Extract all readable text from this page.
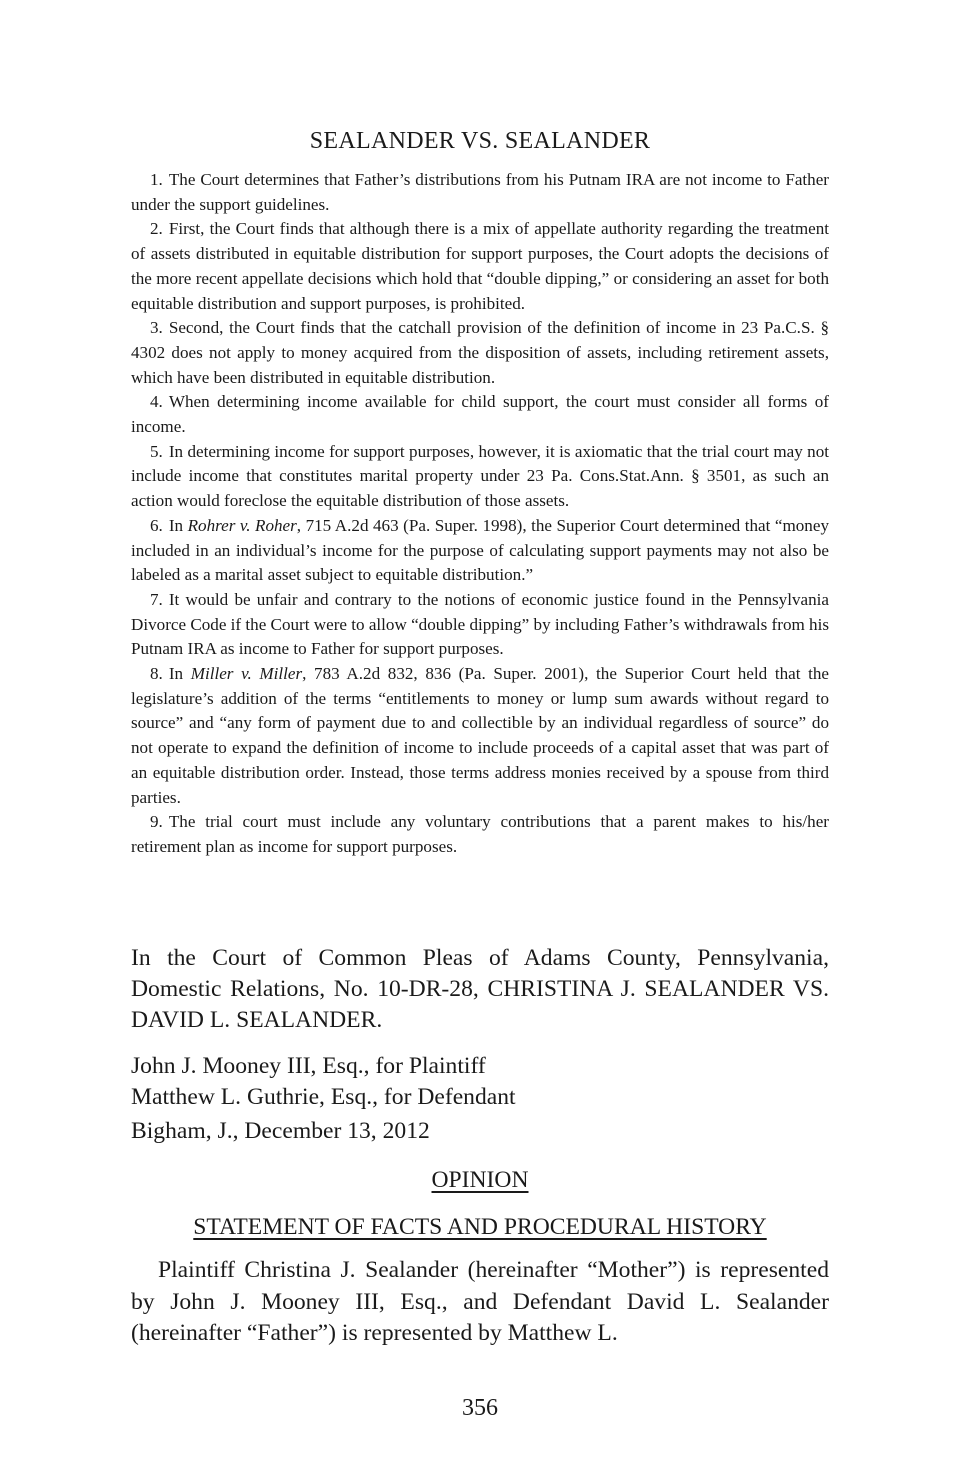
SEALANDER VS. SEALANDER

1. The Court determines that Father’s distributions from his Putnam IRA are not income to Father under the support guidelines.

2. First, the Court finds that although there is a mix of appellate authority regarding the treatment of assets distributed in equitable distribution for support purposes, the Court adopts the decisions of the more recent appellate decisions which hold that “double dipping,” or considering an asset for both equitable distribution and support purposes, is prohibited.

3. Second, the Court finds that the catchall provision of the definition of income in 23 Pa.C.S. § 4302 does not apply to money acquired from the disposition of assets, including retirement assets, which have been distributed in equitable distribution.

4. When determining income available for child support, the court must consider all forms of income.

5. In determining income for support purposes, however, it is axiomatic that the trial court may not include income that constitutes marital property under 23 Pa. Cons.Stat.Ann. § 3501, as such an action would foreclose the equitable distribution of those assets.

6. In Rohrer v. Roher, 715 A.2d 463 (Pa. Super. 1998), the Superior Court determined that “money included in an individual’s income for the purpose of calculating support payments may not also be labeled as a marital asset subject to equitable distribution.”

7. It would be unfair and contrary to the notions of economic justice found in the Pennsylvania Divorce Code if the Court were to allow “double dipping” by including Father’s withdrawals from his Putnam IRA as income to Father for support purposes.

8. In Miller v. Miller, 783 A.2d 832, 836 (Pa. Super. 2001), the Superior Court held that the legislature’s addition of the terms “entitlements to money or lump sum awards without regard to source” and “any form of payment due to and collectible by an individual regardless of source” do not operate to expand the definition of income to include proceeds of a capital asset that was part of an equitable distribution order. Instead, those terms address monies received by a spouse from third parties.

9. The trial court must include any voluntary contributions that a parent makes to his/her retirement plan as income for support purposes.

In the Court of Common Pleas of Adams County, Pennsylvania, Domestic Relations, No. 10-DR-28, CHRISTINA J. SEALANDER VS. DAVID L. SEALANDER.

John J. Mooney III, Esq., for Plaintiff
Matthew L. Guthrie, Esq., for Defendant

Bigham, J., December 13, 2012

OPINION

STATEMENT OF FACTS AND PROCEDURAL HISTORY

Plaintiff Christina J. Sealander (hereinafter “Mother”) is represented by John J. Mooney III, Esq., and Defendant David L. Sealander (hereinafter “Father”) is represented by Matthew L.

356
